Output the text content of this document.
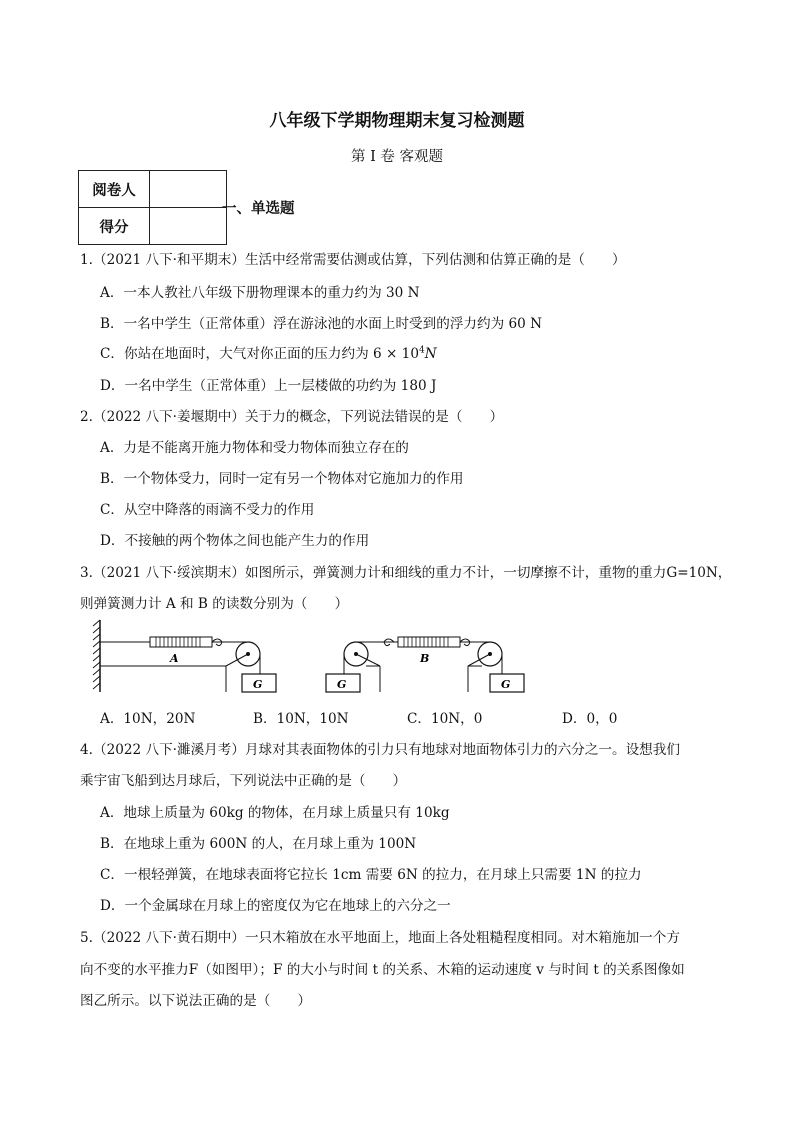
八年级下学期物理期末复习检测题
第 I 卷 客观题
阅卷人	
得分	
一、单选题
1.（2021 八下·和平期末）生活中经常需要估测或估算，下列估测和估算正确的是（　　）
A．一本人教社八年级下册物理课本的重力约为 30 N
B．一名中学生（正常体重）浮在游泳池的水面上时受到的浮力约为 60 N
C．你站在地面时，大气对你正面的压力约为 $6 \times 10^4N$
D．一名中学生（正常体重）上一层楼做的功约为 180 J
2.（2022 八下·姜堰期中）关于力的概念，下列说法错误的是（　　）
A．力是不能离开施力物体和受力物体而独立存在的
B．一个物体受力，同时一定有另一个物体对它施加力的作用
C．从空中降落的雨滴不受力的作用
D．不接触的两个物体之间也能产生力的作用
3.（2021 八下·绥滨期末）如图所示，弹簧测力计和细线的重力不计，一切摩擦不计，重物的重力G=10N，
则弹簧测力计 A 和 B 的读数分别为（　　）
A
G
B
G	G
A．10N，20N	B．10N，10N	C．10N，0	D．0，0
4.（2022 八下·濉溪月考）月球对其表面物体的引力只有地球对地面物体引力的六分之一。设想我们
乘宇宙飞船到达月球后，下列说法中正确的是（　　）
A．地球上质量为 60kg 的物体，在月球上质量只有 10kg
B．在地球上重为 600N 的人，在月球上重为 100N
C．一根轻弹簧，在地球表面将它拉长 1cm 需要 6N 的拉力，在月球上只需要 1N 的拉力
D．一个金属球在月球上的密度仅为它在地球上的六分之一
5.（2022 八下·黄石期中）一只木箱放在水平地面上，地面上各处粗糙程度相同。对木箱施加一个方
向不变的水平推力F（如图甲）；F 的大小与时间 t 的关系、木箱的运动速度 v 与时间 t 的关系图像如
图乙所示。以下说法正确的是（　　）
